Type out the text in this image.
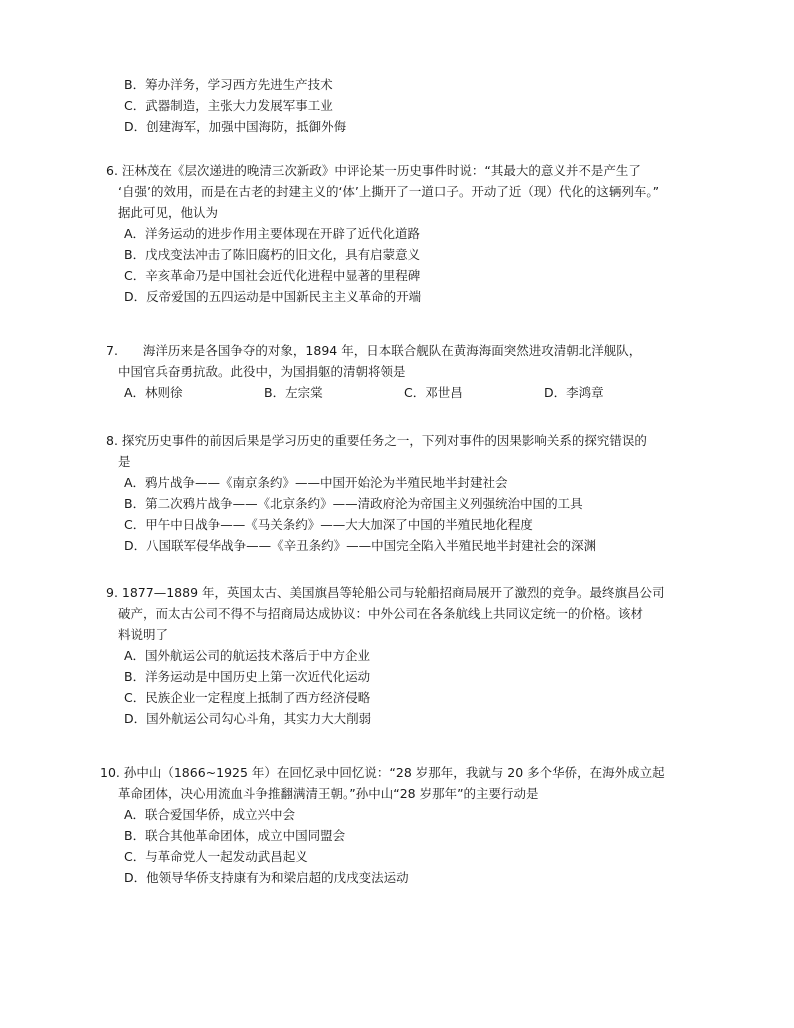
B．筹办洋务，学习西方先进生产技术
C．武器制造，主张大力发展军事工业
D．创建海军，加强中国海防，抵御外侮
6. 汪林茂在《层次递进的晚清三次新政》中评论某一历史事件时说：“其最大的意义并不是产生了
‘自强’的效用，而是在古老的封建主义的‘体’上撕开了一道口子。开动了近（现）代化的这辆列车。”
据此可见，他认为
A．洋务运动的进步作用主要体现在开辟了近代化道路
B．戊戌变法冲击了陈旧腐朽的旧文化，具有启蒙意义
C．辛亥革命乃是中国社会近代化进程中显著的里程碑
D．反帝爱国的五四运动是中国新民主主义革命的开端
7.　　海洋历来是各国争夺的对象，1894 年，日本联合舰队在黄海海面突然进攻清朝北洋舰队，
中国官兵奋勇抗敌。此役中，为国捐躯的清朝将领是
A．林则徐	B．左宗棠	C．邓世昌	D．李鸿章
8. 探究历史事件的前因后果是学习历史的重要任务之一，下列对事件的因果影响关系的探究错误的
是
A．鸦片战争——《南京条约》——中国开始沦为半殖民地半封建社会
B．第二次鸦片战争——《北京条约》——清政府沦为帝国主义列强统治中国的工具
C．甲午中日战争——《马关条约》——大大加深了中国的半殖民地化程度
D．八国联军侵华战争——《辛丑条约》——中国完全陷入半殖民地半封建社会的深渊
9. 1877—1889 年，英国太古、美国旗昌等轮船公司与轮船招商局展开了激烈的竞争。最终旗昌公司
破产，而太古公司不得不与招商局达成协议：中外公司在各条航线上共同议定统一的价格。该材
料说明了
A．国外航运公司的航运技术落后于中方企业
B．洋务运动是中国历史上第一次近代化运动
C．民族企业一定程度上抵制了西方经济侵略
D．国外航运公司勾心斗角，其实力大大削弱
10. 孙中山（1866~1925 年）在回忆录中回忆说：“28 岁那年，我就与 20 多个华侨，在海外成立起
革命团体，决心用流血斗争推翻满清王朝。”孙中山“28 岁那年”的主要行动是
A．联合爱国华侨，成立兴中会
B．联合其他革命团体，成立中国同盟会
C．与革命党人一起发动武昌起义
D．他领导华侨支持康有为和梁启超的戊戌变法运动
